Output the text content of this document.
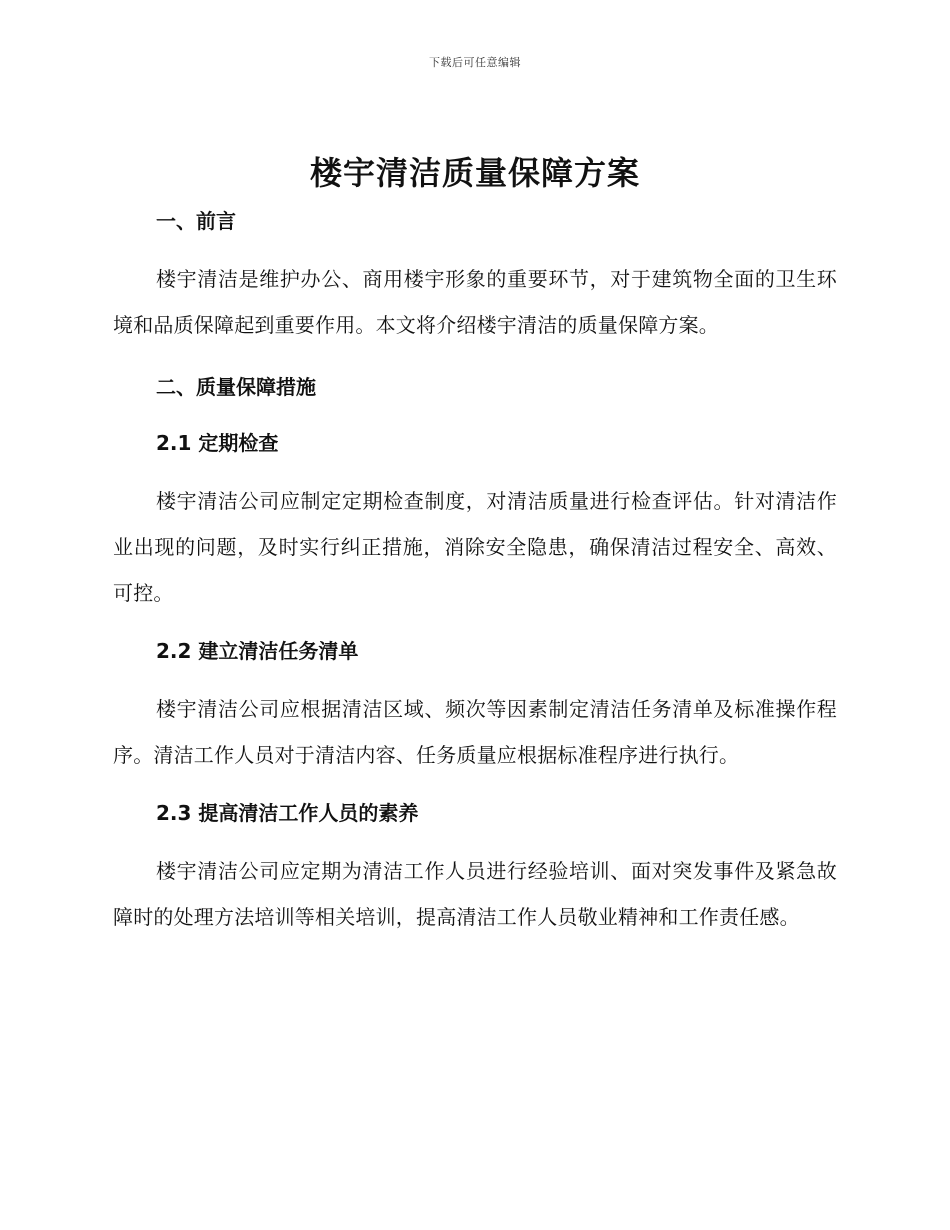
下载后可任意编辑
楼宇清洁质量保障方案
一、前言

楼宇清洁是维护办公、商用楼宇形象的重要环节，对于建筑物全面的卫生环境和品质保障起到重要作用。本文将介绍楼宇清洁的质量保障方案。

二、质量保障措施
2.1 定期检查

楼宇清洁公司应制定定期检查制度，对清洁质量进行检查评估。针对清洁作业出现的问题，及时实行纠正措施，消除安全隐患，确保清洁过程安全、高效、可控。

2.2 建立清洁任务清单

楼宇清洁公司应根据清洁区域、频次等因素制定清洁任务清单及标准操作程序。清洁工作人员对于清洁内容、任务质量应根据标准程序进行执行。

2.3 提高清洁工作人员的素养

楼宇清洁公司应定期为清洁工作人员进行经验培训、面对突发事件及紧急故障时的处理方法培训等相关培训，提高清洁工作人员敬业精神和工作责任感。
